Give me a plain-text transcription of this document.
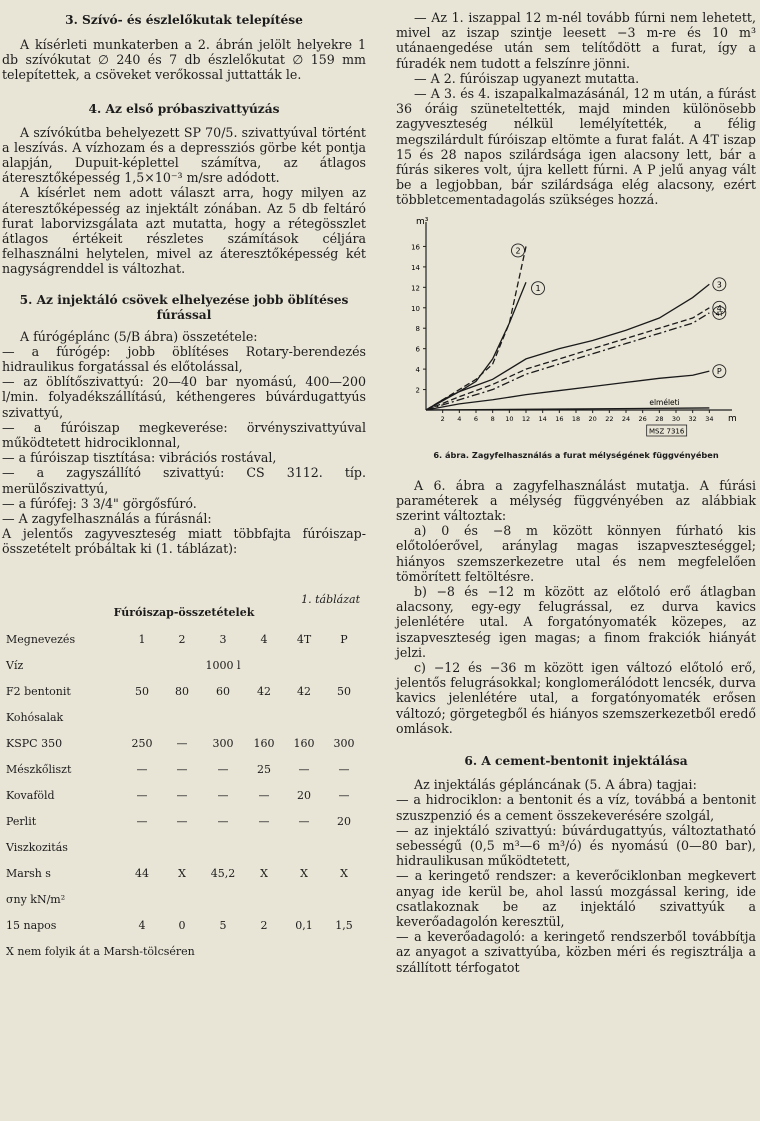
3. Szívó- és észlelőkutak telepítése

A kísérleti munkaterben a 2. ábrán jelölt helyekre 1 db szívókutat ∅ 240 és 7 db észlelőkutat ∅ 159 mm telepítettek, a csöveket verőkossal juttatták le.

4. Az első próbaszivattyúzás

A szívókútba behelyezett SP 70/5. szivattyúval történt a leszívás. A vízhozam és a depressziós görbe két pontja alapján, Dupuit-képlettel számítva, az átlagos áteresztőképesség 1,5×10⁻³ m/sre adódott.

A kísérlet nem adott választ arra, hogy milyen az áteresztőképesség az injektált zónában. Az 5 db feltáró furat laborvizsgálata azt mutatta, hogy a rétegösszlet átlagos értékeit részletes számítások céljára felhasználni helytelen, mivel az áteresztőképesség két nagyságrenddel is változhat.

5. Az injektáló csövek elhelyezése jobb öblítéses fúrással

A fúrógéplánc (5/B ábra) összetétele:

— a fúrógép: jobb öblítéses Rotary-berendezés hidraulikus forgatással és előtolással,

— az öblítőszivattyú: 20—40 bar nyomású, 400—200 l/min. folyadékszállítású, kéthengeres búvárdugattyús szivattyú,

— a fúróiszap megkeverése: örvényszivattyúval működtetett hidrociklonnal,

— a fúróiszap tisztítása: vibrációs rostával,

— a zagyszállító szivattyú: CS 3112. típ. merülőszivattyú,

— a fúrófej: 3 3/4" görgősfúró.

— A zagyfelhasználás a fúrásnál:

A jelentős zagyveszteség miatt többfajta fúróiszap-összetételt próbáltak ki (1. táblázat):

1. táblázat
Fúróiszap-összetételek
Megnevezés	1	2	3	4	4T	P
Víz			1000 l			
F2 bentonit	50	80	60	42	42	50
Kohósalak						
KSPC 350	250	—	300	160	160	300
Mészkőliszt	—	—	—	25	—	—
Kovaföld	—	—	—	—	20	—
Perlit	—	—	—	—	—	20
Viszkozitás						
Marsh s	44	X	45,2	X	X	X
σny kN/m²						
15 napos	4	0	5	2	0,1	1,5
X nem folyik át a Marsh-tölcséren

— Az 1. iszappal 12 m-nél tovább fúrni nem lehetett, mivel az iszap szintje leesett −3 m-re és 10 m³ utánaengedése után sem telítődött a furat, így a fúradék nem tudott a felszínre jönni.

— A 2. fúróiszap ugyanezt mutatta.

— A 3. és 4. iszapalkalmazásánál, 12 m után, a fúrást 36 óráig szüneteltették, majd minden különösebb zagyveszteség nélkül lemélyítették, a félig megszilárdult fúróiszap eltömte a furat falát. A 4T iszap 15 és 28 napos szilárdsága igen alacsony lett, bár a fúrás sikeres volt, újra kellett fúrni. A P jelű anyag vált be a legjobban, bár szilárdsága elég alacsony, ezért többletcementadagolás szükséges hozzá.

m³
m
2
4
6
8
10
12
14
16
2 4 6 8 10 12 14 16 18 20 22 24 26 28 30 32 34
1
2
3
4
4T
P
elméleti
MSZ 7316
6. ábra. Zagyfelhasználás a furat mélységének függvényében

A 6. ábra a zagyfelhasználást mutatja. A fúrási paraméterek a mélység függvényében az alábbiak szerint változtak:

a) 0 és −8 m között könnyen fúrható kis előtolóerővel, aránylag magas iszapveszteséggel; hiányos szemszerkezetre utal és nem megfelelően tömörített feltöltésre.

b) −8 és −12 m között az előtoló erő átlagban alacsony, egy-egy felugrással, ez durva kavics jelenlétére utal. A forgatónyomaték közepes, az iszapveszteség igen magas; a finom frakciók hiányát jelzi.

c) −12 és −36 m között igen változó előtoló erő, jelentős felugrásokkal; konglomerálódott lencsék, durva kavics jelenlétére utal, a forgatónyomaték erősen változó; görgetegből és hiányos szemszerkezetből eredő omlások.

6. A cement-bentonit injektálása

Az injektálás gépláncának (5. A ábra) tagjai:

— a hidrociklon: a bentonit és a víz, továbbá a bentonit szuszpenzió és a cement összekeverésére szolgál,

— az injektáló szivattyú: búvárdugattyús, változtatható sebességű (0,5 m³—6 m³/ó) és nyomású (0—80 bar), hidraulikusan működtetett,

— a keringető rendszer: a keverőciklonban megkevert anyag ide kerül be, ahol lassú mozgással kering, ide csatlakoznak be az injektáló szivattyúk a keverőadagolón keresztül,

— a keverőadagoló: a keringető rendszerből továbbítja az anyagot a szivattyúba, közben méri és regisztrálja a szállított térfogatot
